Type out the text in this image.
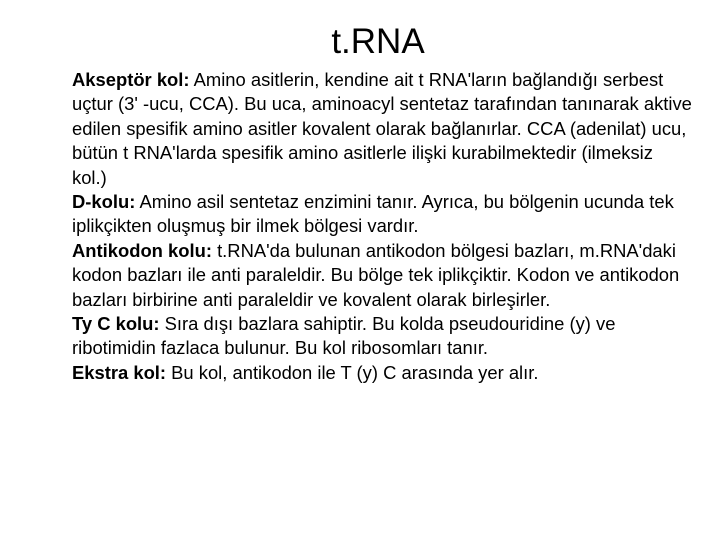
t.RNA

Akseptör kol: Amino asitlerin, kendine ait t RNA'ların bağlandığı serbest uçtur (3' -ucu, CCA). Bu uca, aminoacyl sentetaz tarafından tanınarak aktive edilen spesifik amino asitler kovalent olarak bağlanırlar. CCA (adenilat) ucu, bütün t RNA'larda spesifik amino asitlerle ilişki kurabilmektedir (ilmeksiz kol.)

D-kolu: Amino asil sentetaz enzimini tanır. Ayrıca, bu bölgenin ucunda tek iplikçikten oluşmuş bir ilmek bölgesi vardır.

Antikodon kolu: t.RNA'da bulunan antikodon bölgesi bazları, m.RNA'daki kodon bazları ile anti paraleldir. Bu bölge tek iplikçiktir. Kodon ve antikodon bazları birbirine anti paraleldir ve kovalent olarak birleşirler.

Ty C kolu: Sıra dışı bazlara sahiptir. Bu kolda pseudouridine (y) ve ribotimidin fazlaca bulunur. Bu kol ribosomları tanır.

Ekstra kol: Bu kol, antikodon ile T (y) C arasında yer alır.
